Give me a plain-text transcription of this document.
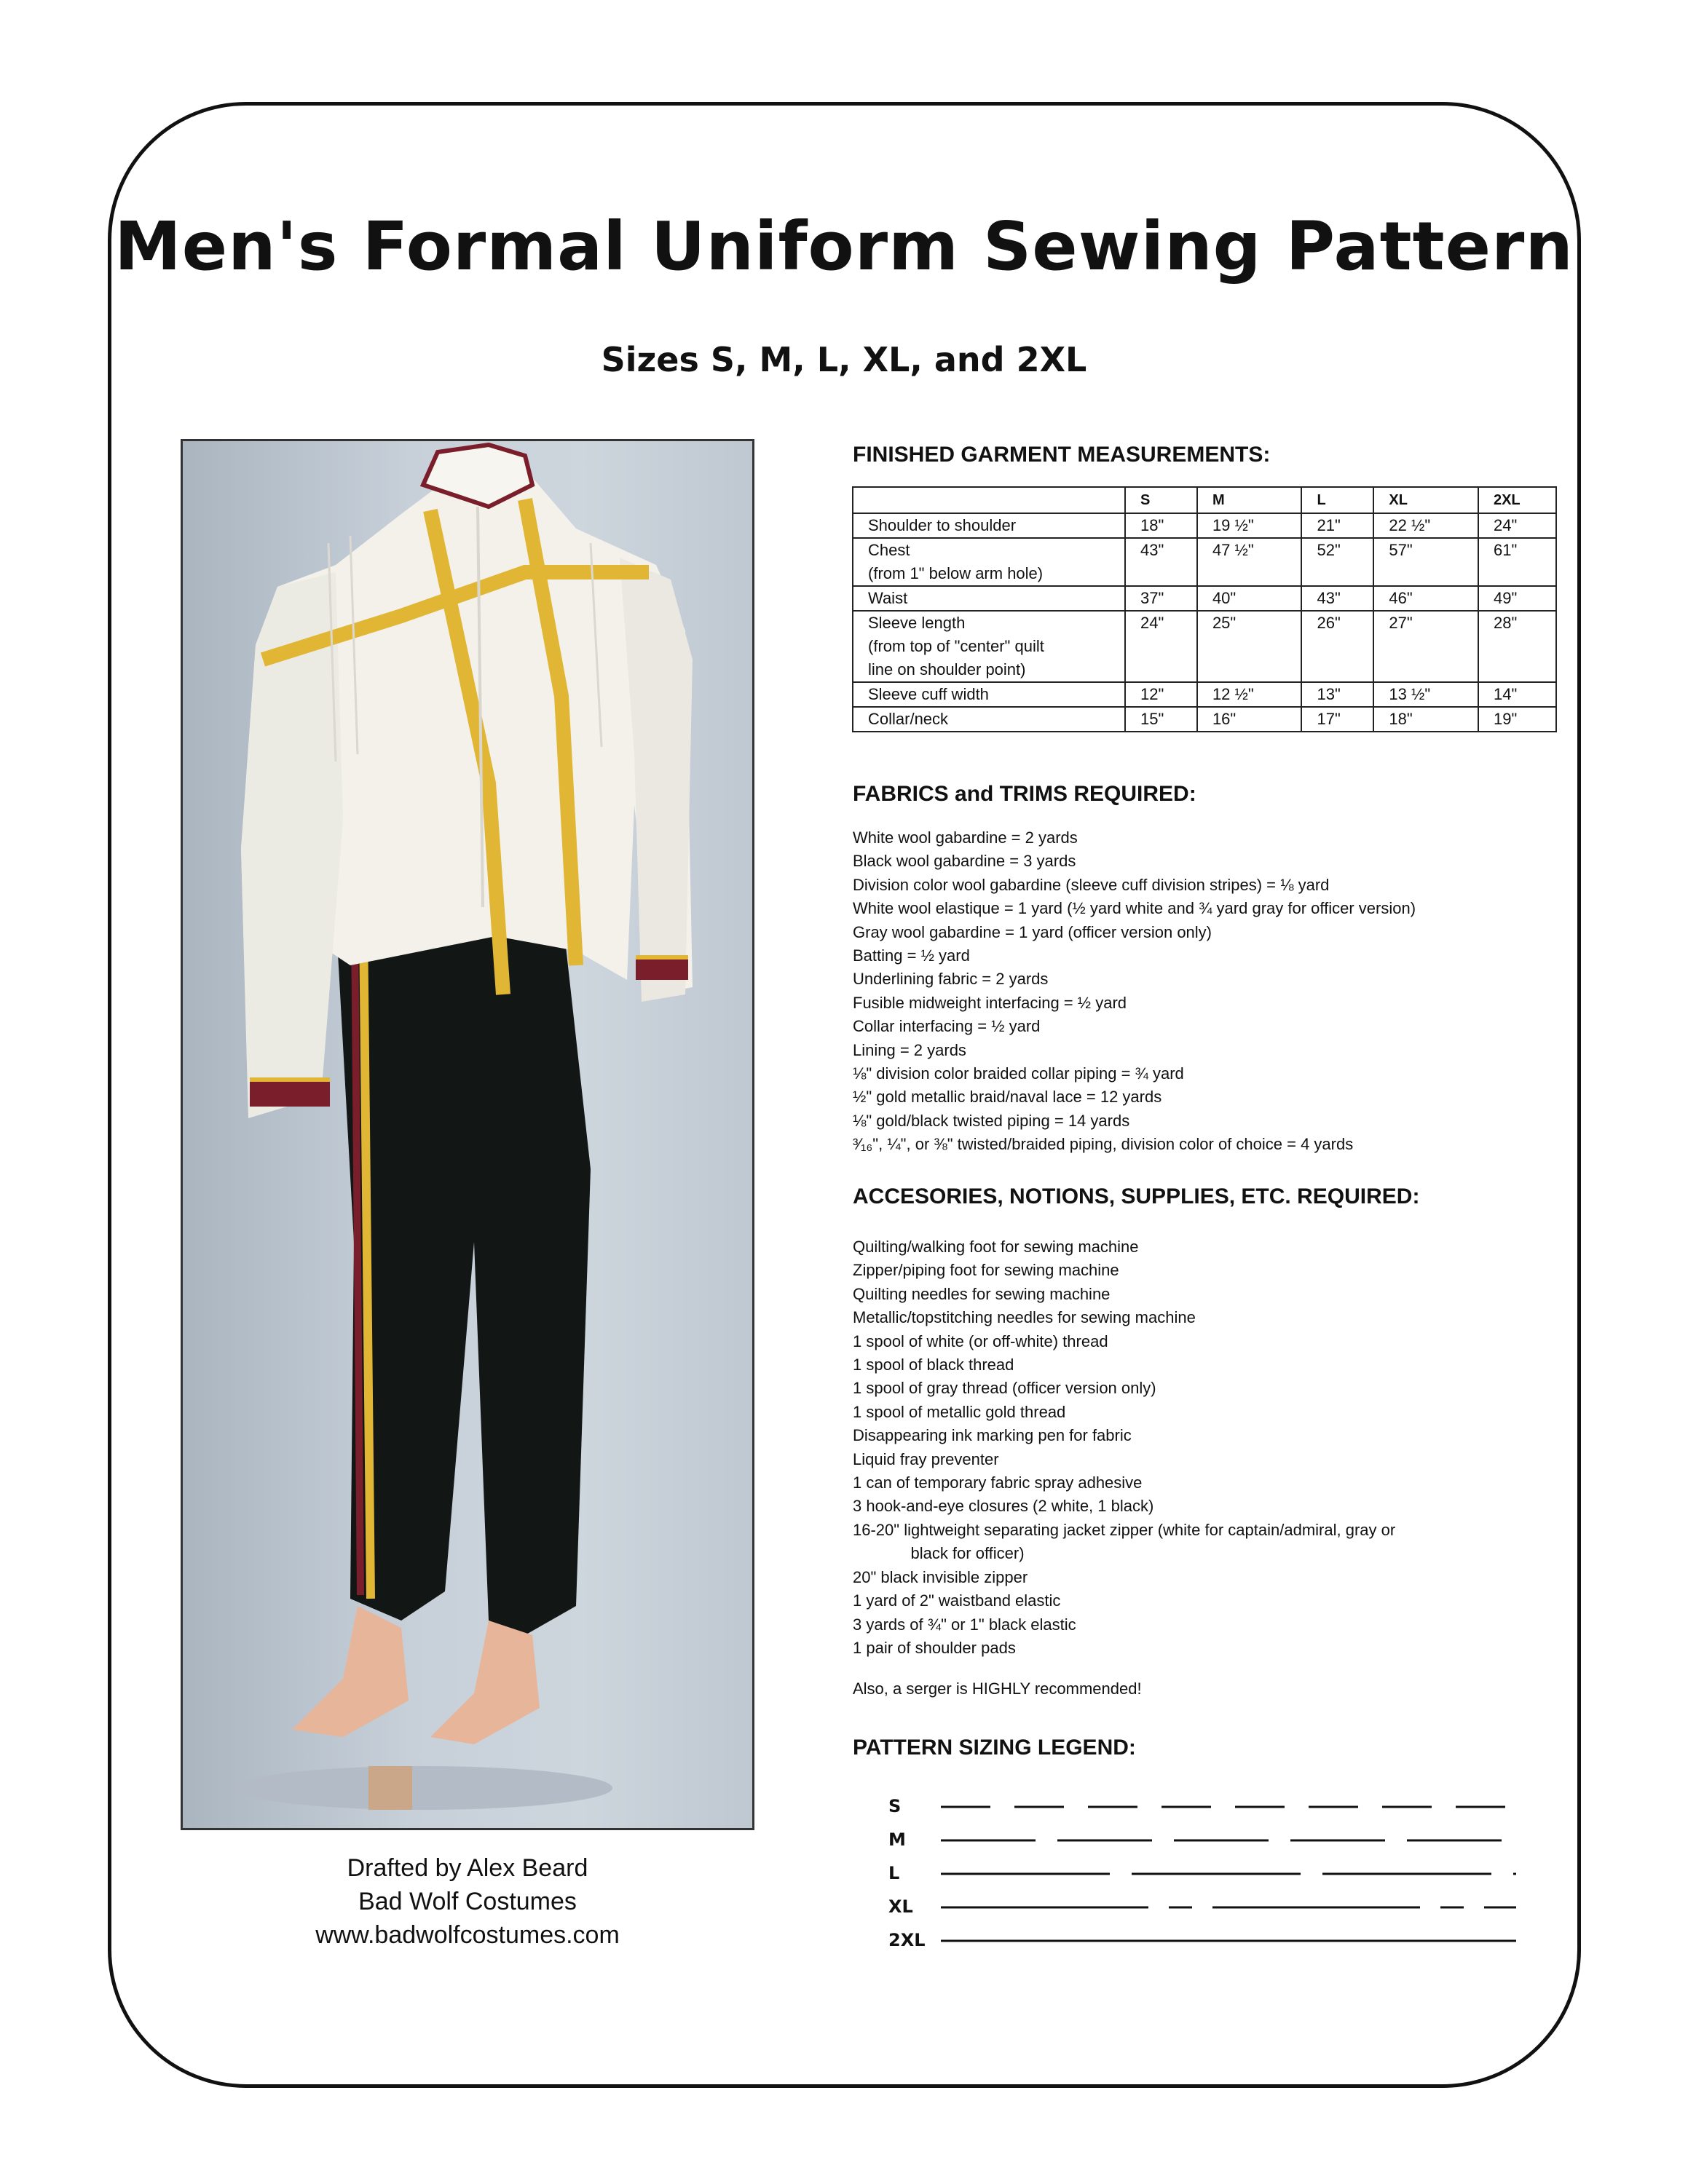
Men's Formal Uniform Sewing Pattern
Sizes S, M, L, XL, and 2XL
Drafted by Alex Beard
Bad Wolf Costumes
www.badwolfcostumes.com
FINISHED GARMENT MEASUREMENTS:
	S	M	L	XL	2XL
Shoulder to shoulder	18"	19 ½"	21"	22 ½"	24"
Chest
(from 1" below arm hole)	43"	47 ½"	52"	57"	61"
Waist	37"	40"	43"	46"	49"
Sleeve length
(from top of "center" quilt
line on shoulder point)	24"	25"	26"	27"	28"
Sleeve cuff width	12"	12 ½"	13"	13 ½"	14"
Collar/neck	15"	16"	17"	18"	19"
FABRICS and TRIMS REQUIRED:
White wool gabardine = 2 yards
Black wool gabardine = 3 yards
Division color wool gabardine (sleeve cuff division stripes) = ⅛ yard
White wool elastique = 1 yard (½ yard white and ¾ yard gray for officer version)
Gray wool gabardine = 1 yard (officer version only)
Batting = ½ yard
Underlining fabric = 2 yards
Fusible midweight interfacing = ½ yard
Collar interfacing = ½ yard
Lining = 2 yards
⅛" division color braided collar piping = ¾ yard
½" gold metallic braid/naval lace = 12 yards
⅛" gold/black twisted piping = 14 yards
³⁄₁₆", ¼", or ⅜" twisted/braided piping, division color of choice = 4 yards
ACCESORIES, NOTIONS, SUPPLIES, ETC. REQUIRED:
Quilting/walking foot for sewing machine
Zipper/piping foot for sewing machine
Quilting needles for sewing machine
Metallic/topstitching needles for sewing machine
1 spool of white (or off-white) thread
1 spool of black thread
1 spool of gray thread (officer version only)
1 spool of metallic gold thread
Disappearing ink marking pen for fabric
Liquid fray preventer
1 can of temporary fabric spray adhesive
3 hook-and-eye closures (2 white, 1 black)
16-20" lightweight separating jacket zipper (white for captain/admiral, gray or
black for officer)
20" black invisible zipper
1 yard of 2" waistband elastic
3 yards of ¾" or 1" black elastic
1 pair of shoulder pads

Also, a serger is HIGHLY recommended!

PATTERN SIZING LEGEND:
S
M
L
XL
2XL
